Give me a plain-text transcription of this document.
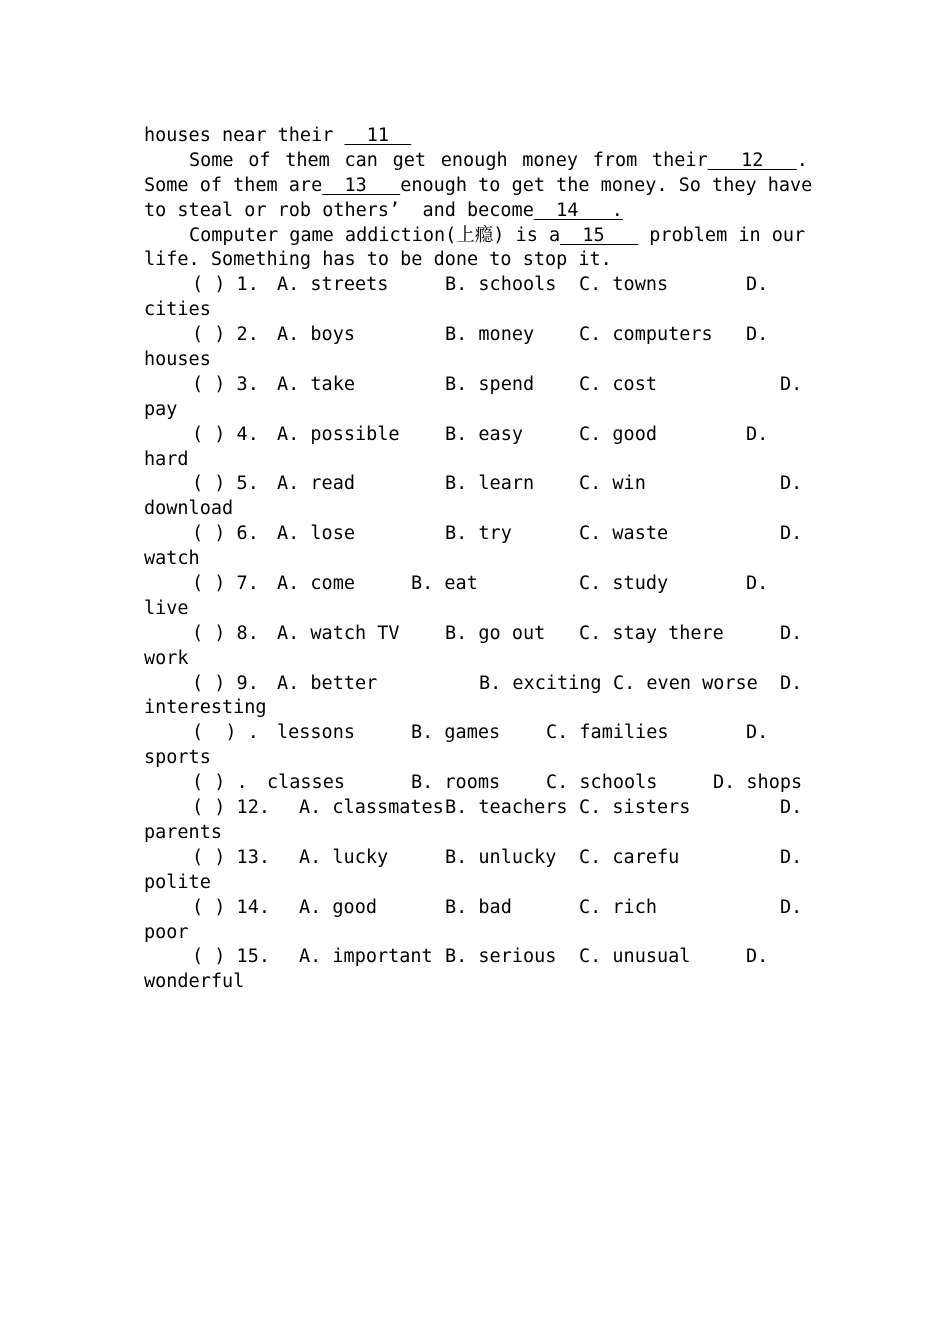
houses near their   11
Some of them can get enough money from their   12   .
Some of them are  13   enough to get the money. So they have
to steal or rob others’  and become  14   .
Computer game addiction(上瘾) is a  15    problem in our
life. Something has to be done to stop it.
( ) 1. A. streets	B. schools C. towns	D.
cities
( ) 2. A. boys	B. money C. computers D.
houses
( ) 3. A. take	B. spend C. cost	D.
pay
( ) 4. A. possible B. easy	C. good	D.
hard
( ) 5. A. read	B. learn C. win	D.
download
( ) 6. A. lose	B. try	C. waste	D.
watch
( ) 7. A. come	B. eat	C. study	D.
live
( ) 8. A. watch TV B. go out C. stay there	D.
work
( ) 9. A. better	B. exciting C. even worse D.
interesting
(  ) . lessons	B. games C. families	D.
sports
( ) . classes	B. rooms C. schools	D. shops
( ) 12. A. classmates B. teachers C. sisters	D.
parents
( ) 13. A. lucky	B. unlucky C. carefu	D.
polite
( ) 14. A. good	B. bad	C. rich	D.
poor
( ) 15. A. important B. serious C. unusual	D.
wonderful
